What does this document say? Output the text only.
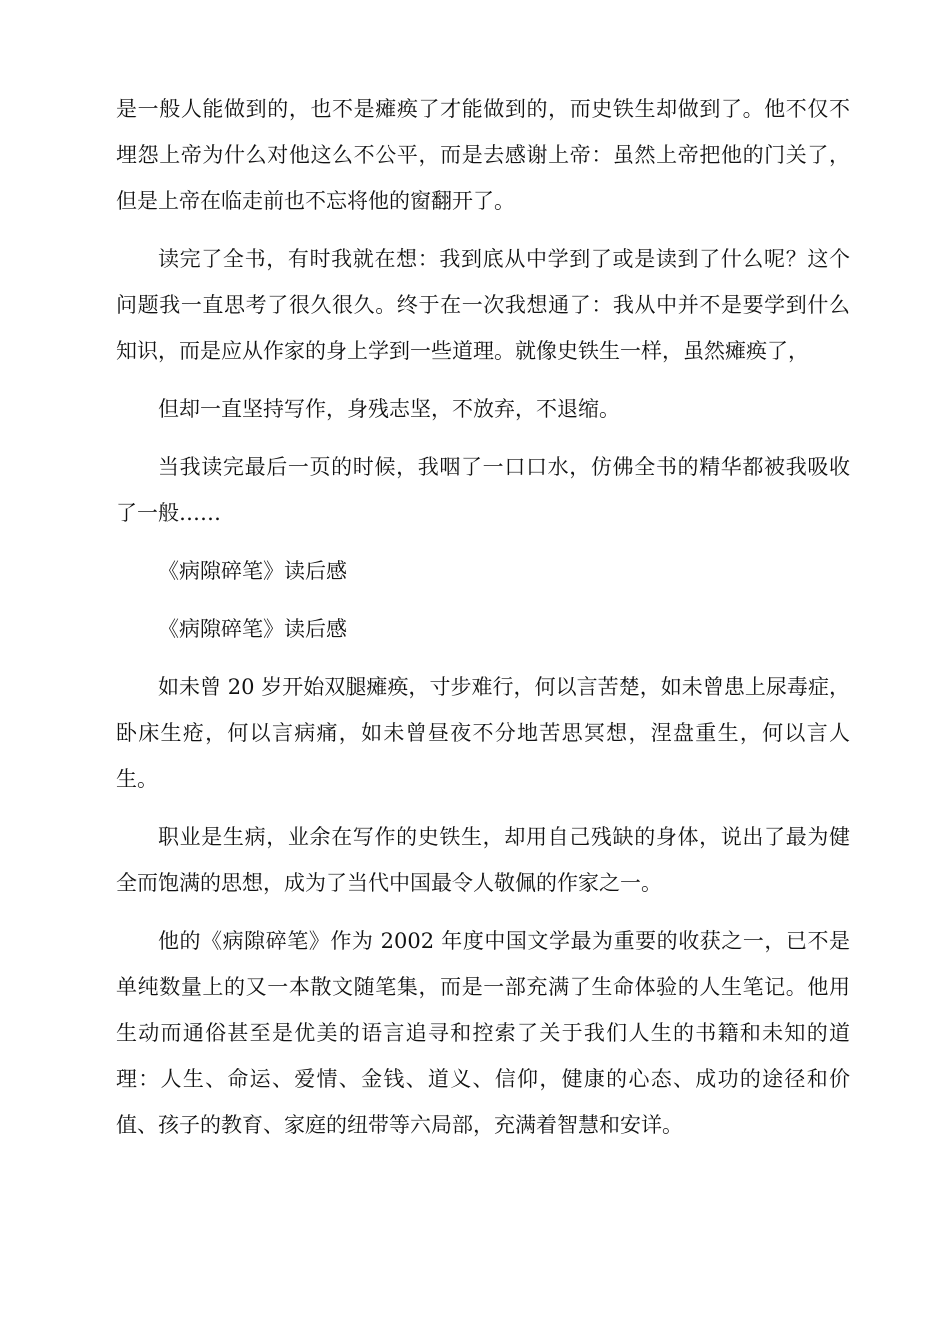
是一般人能做到的，也不是瘫痪了才能做到的，而史铁生却做到了。他不仅不埋怨上帝为什么对他这么不公平，而是去感谢上帝：虽然上帝把他的门关了，但是上帝在临走前也不忘将他的窗翻开了。

读完了全书，有时我就在想：我到底从中学到了或是读到了什么呢？这个问题我一直思考了很久很久。终于在一次我想通了：我从中并不是要学到什么知识，而是应从作家的身上学到一些道理。就像史铁生一样，虽然瘫痪了，

但却一直坚持写作，身残志坚，不放弃，不退缩。

当我读完最后一页的时候，我咽了一口口水，仿佛全书的精华都被我吸收了一般……

《病隙碎笔》读后感

《病隙碎笔》读后感

如未曾 20 岁开始双腿瘫痪，寸步难行，何以言苦楚，如未曾患上尿毒症，卧床生疮，何以言病痛，如未曾昼夜不分地苦思冥想，涅盘重生，何以言人生。

职业是生病，业余在写作的史铁生，却用自己残缺的身体，说出了最为健全而饱满的思想，成为了当代中国最令人敬佩的作家之一。

他的《病隙碎笔》作为 2002 年度中国文学最为重要的收获之一，已不是单纯数量上的又一本散文随笔集，而是一部充满了生命体验的人生笔记。他用生动而通俗甚至是优美的语言追寻和控索了关于我们人生的书籍和未知的道理：人生、命运、爱情、金钱、道义、信仰，健康的心态、成功的途径和价值、孩子的教育、家庭的纽带等六局部，充满着智慧和安详。
